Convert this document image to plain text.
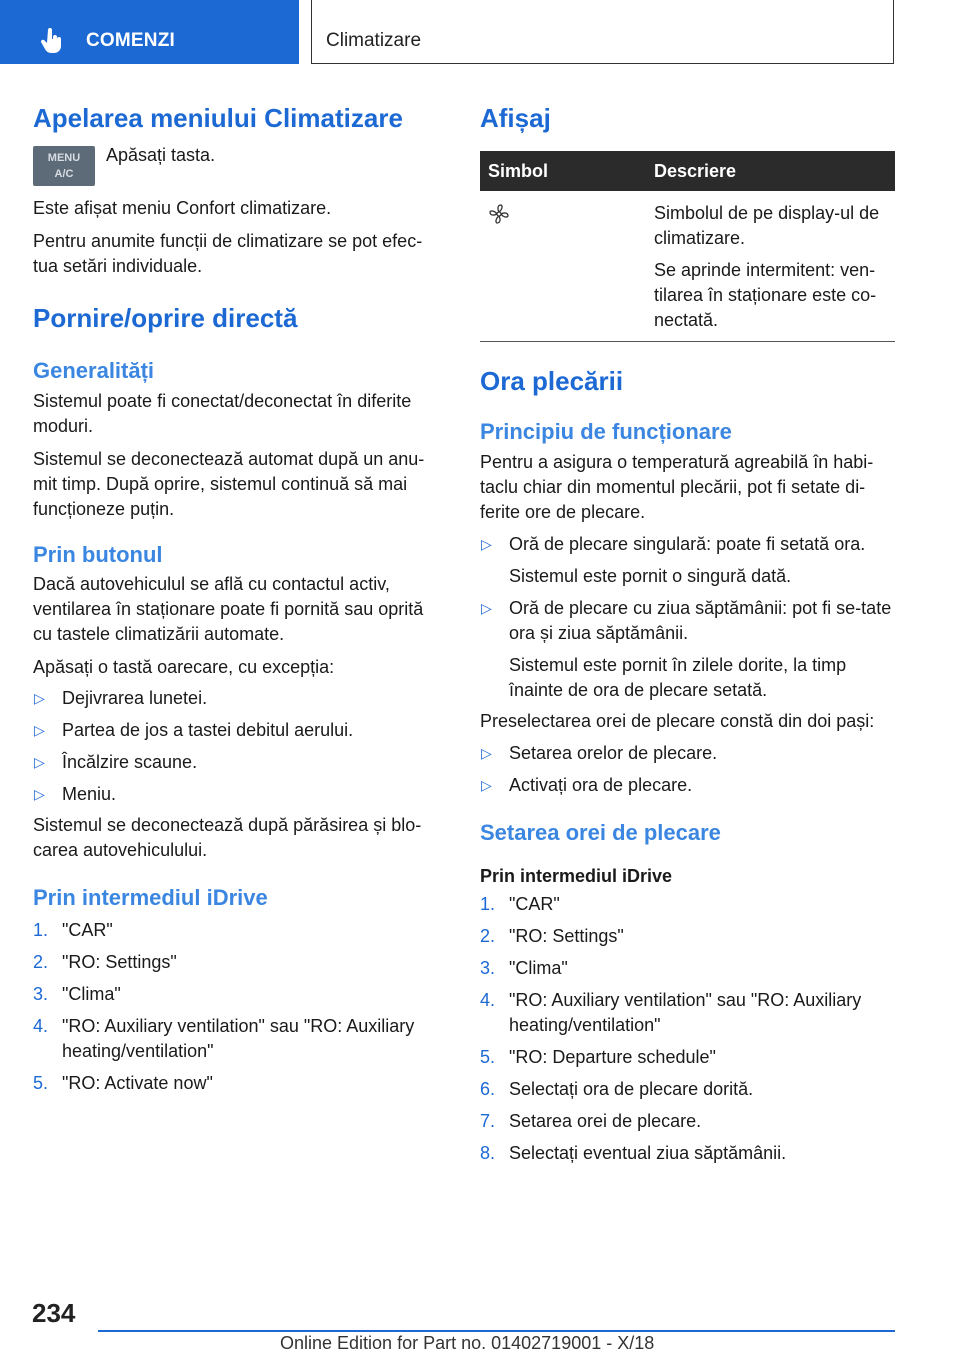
COMENZI	Climatizare
Apelarea meniului Climatizare
MENU
A/C

Apăsați tasta.

Este afișat meniu Confort climatizare.

Pentru anumite funcții de climatizare se pot efec-tua setări individuale.

Pornire/oprire directă
Generalități

Sistemul poate fi conectat/deconectat în diferite moduri.

Sistemul se deconectează automat după un anu-mit timp. După oprire, sistemul continuă să mai funcționeze puțin.

Prin butonul

Dacă autovehiculul se află cu contactul activ, ventilarea în staționare poate fi pornită sau oprită cu tastele climatizării automate.

Apăsați o tastă oarecare, cu excepția:

▷ Dejivrarea lunetei.
▷ Partea de jos a tastei debitul aerului.
▷ Încălzire scaune.
▷ Meniu.

Sistemul se deconectează după părăsirea și blo-carea autovehiculului.

Prin intermediul iDrive
1. "CAR"
2. "RO: Settings"
3. "Clima"
4. "RO: Auxiliary ventilation" sau "RO: Auxiliary heating/ventilation"
5. "RO: Activate now"
Afișaj
Simbol	Descriere

Simbolul de pe display-ul de climatizare.

Se aprinde intermitent: ven-tilarea în staționare este co-nectată.

Ora plecării
Principiu de funcționare

Pentru a asigura o temperatură agreabilă în habi-taclu chiar din momentul plecării, pot fi setate di-ferite ore de plecare.

▷ Oră de plecare singulară: poate fi setată ora.
Sistemul este pornit o singură dată.
▷ Oră de plecare cu ziua săptămânii: pot fi se-tate ora și ziua săptămânii.
Sistemul este pornit în zilele dorite, la timp înainte de ora de plecare setată.

Preselectarea orei de plecare constă din doi pași:

▷ Setarea orelor de plecare.
▷ Activați ora de plecare.
Setarea orei de plecare
Prin intermediul iDrive
1. "CAR"
2. "RO: Settings"
3. "Clima"
4. "RO: Auxiliary ventilation" sau "RO: Auxiliary heating/ventilation"
5. "RO: Departure schedule"
6. Selectați ora de plecare dorită.
7. Setarea orei de plecare.
8. Selectați eventual ziua săptămânii.
234
Online Edition for Part no. 01402719001 - X/18
